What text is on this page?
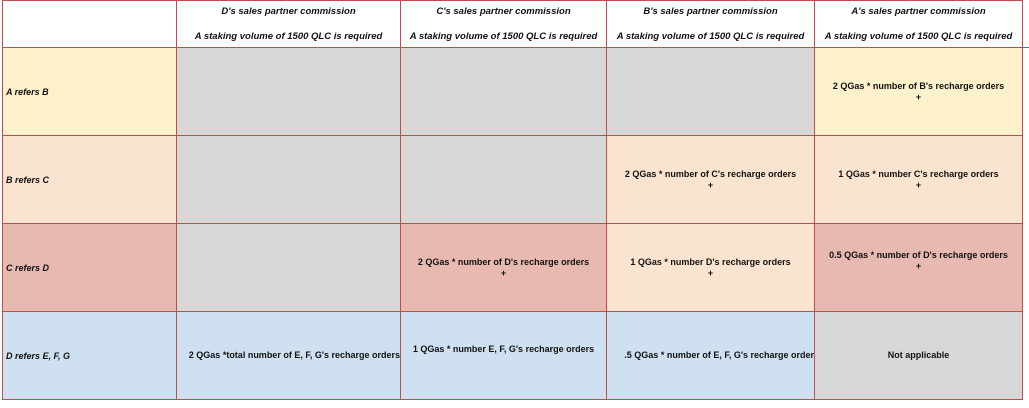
D's sales partner commission
A staking volume of 1500 QLC is required
C's sales partner commission
A staking volume of 1500 QLC is required
B's sales partner commission
A staking volume of 1500 QLC is required
A's sales partner commission
A staking volume of 1500 QLC is required
A refers B
2 QGas * number of B's recharge orders
+
B refers C
2 QGas * number of C's recharge orders
+
1 QGas * number C's recharge orders
+
C refers D
2 QGas * number of D's recharge orders
+
1 QGas * number D's recharge orders
+
0.5 QGas * number of D's recharge orders
+
D refers E, F, G	2 QGas *total number of E, F, G's recharge orders
1 QGas * number E, F, G's recharge orders
.5 QGas * number of E, F, G's recharge order	Not applicable
